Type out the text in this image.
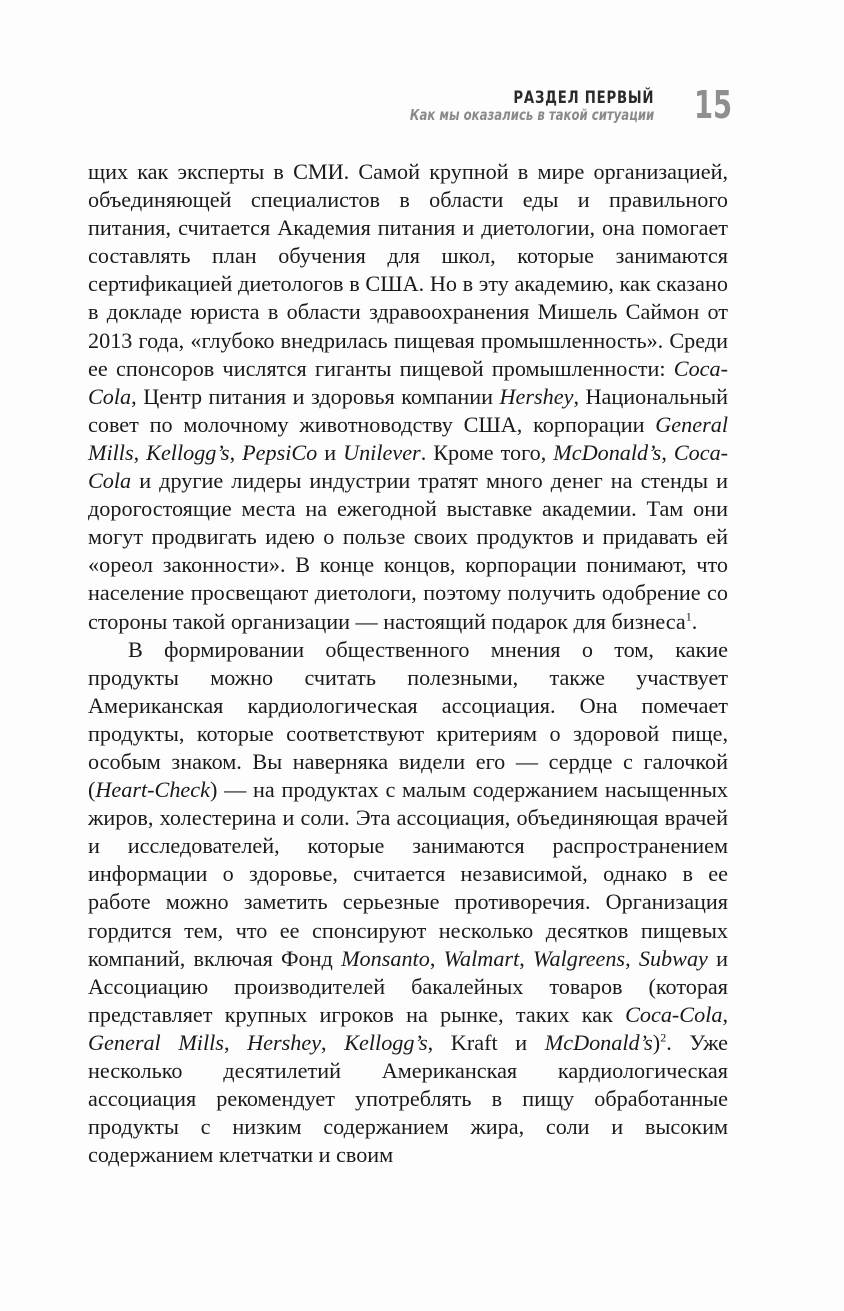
РАЗДЕЛ ПЕРВЫЙ
Как мы оказались в такой ситуации 15

щих как эксперты в СМИ. Самой крупной в мире организацией, объединяющей специалистов в области еды и правильного питания, считается Академия питания и диетологии, она помогает составлять план обучения для школ, которые занимаются сертификацией диетологов в США. Но в эту академию, как сказано в докладе юриста в области здравоохранения Мишель Саймон от 2013 года, «глубоко внедрилась пищевая промышленность». Среди ее спонсоров числятся гиганты пищевой промышленности: Coca-Cola, Центр питания и здоровья компании Hershey, Национальный совет по молочному животноводству США, корпорации General Mills, Kellogg’s, PepsiCo и Unilever. Кроме того, McDonald’s, Coca-Cola и другие лидеры индустрии тратят много денег на стенды и дорогостоящие места на ежегодной выставке академии. Там они могут продвигать идею о пользе своих продуктов и придавать ей «ореол законности». В конце концов, корпорации понимают, что население просвещают диетологи, поэтому получить одобрение со стороны такой организации — настоящий подарок для бизнеса$^1$.

В формировании общественного мнения о том, какие продукты можно считать полезными, также участвует Американская кардиологическая ассоциация. Она помечает продукты, которые соответствуют критериям о здоровой пище, особым знаком. Вы наверняка видели его — сердце с галочкой (Heart-Check) — на продуктах с малым содержанием насыщенных жиров, холестерина и соли. Эта ассоциация, объединяющая врачей и исследователей, которые занимаются распространением информации о здоровье, считается независимой, однако в ее работе можно заметить серьезные противоречия. Организация гордится тем, что ее спонсируют несколько десятков пищевых компаний, включая Фонд Monsanto, Walmart, Walgreens, Subway и Ассоциацию производителей бакалейных товаров (которая представляет крупных игроков на рынке, таких как Coca-Cola, General Mills, Hershey, Kellogg’s, Kraft и McDonald’s)$^2$. Уже несколько десятилетий Американская кардиологическая ассоциация рекомендует употреблять в пищу обработанные продукты с низким содержанием жира, соли и высоким содержанием клетчатки и своим
